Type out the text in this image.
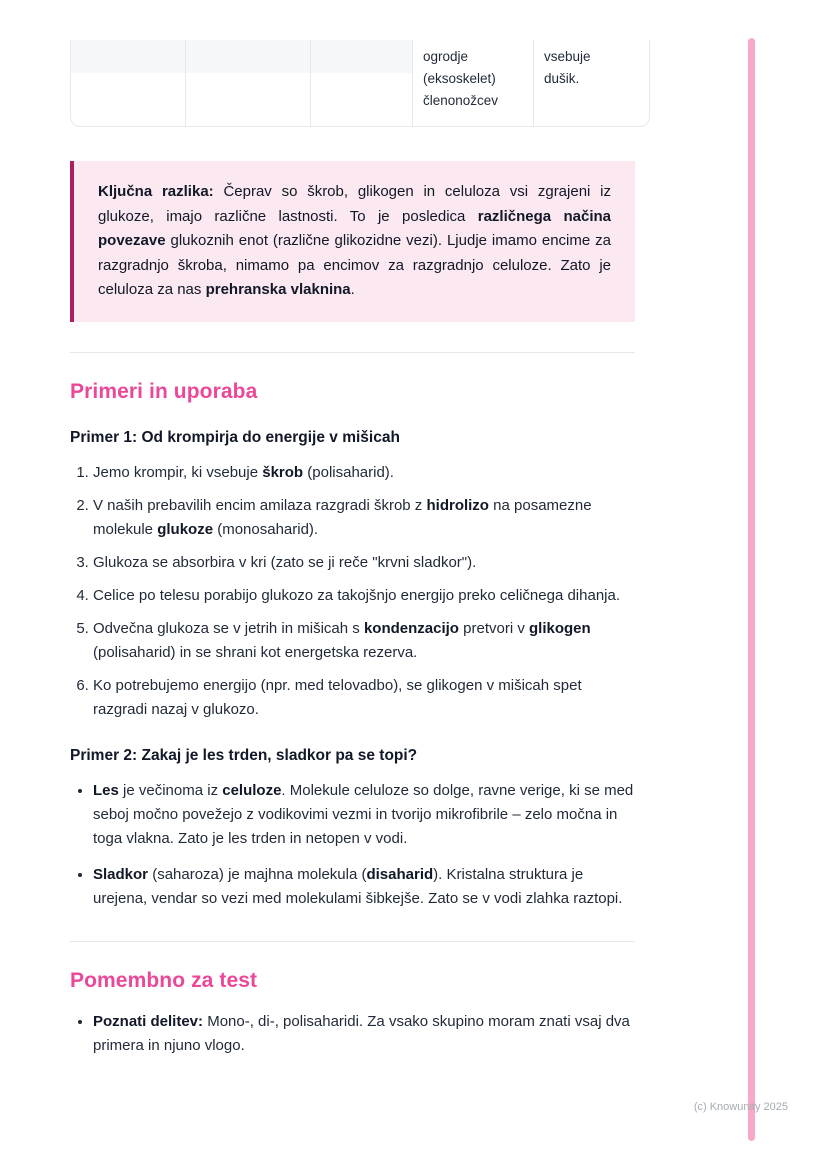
ogrodje
(eksoskelet)
členonožcev
vsebuje
dušik.

Ključna razlika: Čeprav so škrob, glikogen in celuloza vsi zgrajeni iz glukoze, imajo različne lastnosti. To je posledica različnega načina povezave glukoznih enot (različne glikozidne vezi). Ljudje imamo encime za razgradnjo škroba, nimamo pa encimov za razgradnjo celuloze. Zato je celuloza za nas prehranska vlaknina.

Primeri in uporaba
Primer 1: Od krompirja do energije v mišicah
1. Jemo krompir, ki vsebuje škrob (polisaharid).
2. V naših prebavilih encim amilaza razgradi škrob z hidrolizo na posamezne molekule glukoze (monosaharid).
3. Glukoza se absorbira v kri (zato se ji reče "krvni sladkor").
4. Celice po telesu porabijo glukozo za takojšnjo energijo preko celičnega dihanja.
5. Odvečna glukoza se v jetrih in mišicah s kondenzacijo pretvori v glikogen (polisaharid) in se shrani kot energetska rezerva.
6. Ko potrebujemo energijo (npr. med telovadbo), se glikogen v mišicah spet razgradi nazaj v glukozo.
Primer 2: Zakaj je les trden, sladkor pa se topi?
• Les je večinoma iz celuloze. Molekule celuloze so dolge, ravne verige, ki se med seboj močno povežejo z vodikovimi vezmi in tvorijo mikrofibrile – zelo močna in toga vlakna. Zato je les trden in netopen v vodi.
• Sladkor (saharoza) je majhna molekula (disaharid). Kristalna struktura je urejena, vendar so vezi med molekulami šibkejše. Zato se v vodi zlahka raztopi.
Pomembno za test
• Poznati delitev: Mono-, di-, polisaharidi. Za vsako skupino moram znati vsaj dva primera in njuno vlogo.
(c) Knowunity 2025
